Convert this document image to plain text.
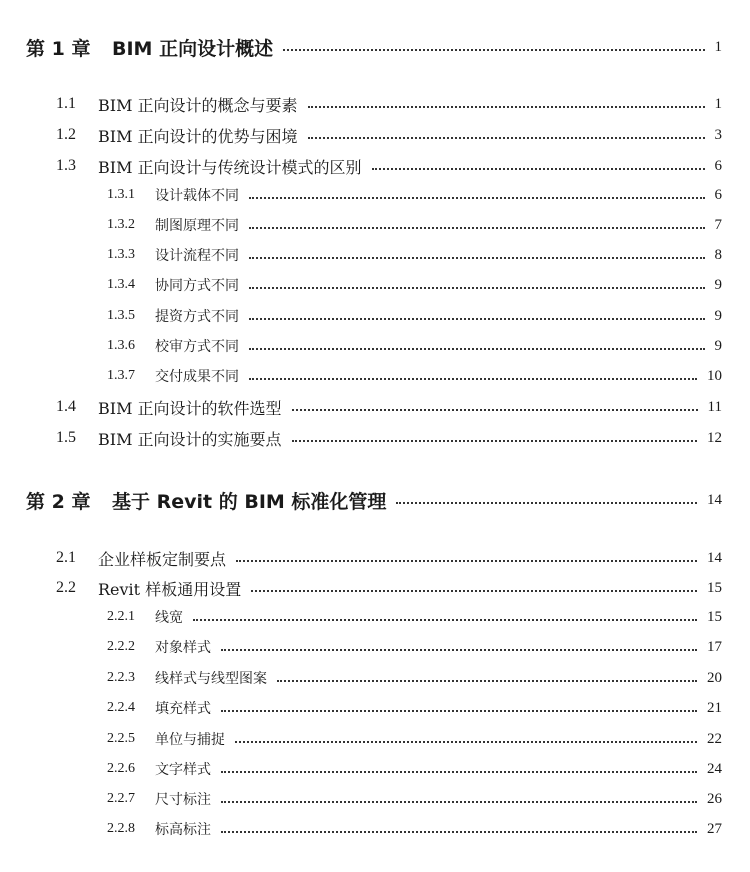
第 1 章	BIM 正向设计概述	1
1.1	BIM 正向设计的概念与要素	1
1.2	BIM 正向设计的优势与困境	3
1.3	BIM 正向设计与传统设计模式的区别	6
1.3.1	设计载体不同	6
1.3.2	制图原理不同	7
1.3.3	设计流程不同	8
1.3.4	协同方式不同	9
1.3.5	提资方式不同	9
1.3.6	校审方式不同	9
1.3.7	交付成果不同	10
1.4	BIM 正向设计的软件选型	11
1.5	BIM 正向设计的实施要点	12
第 2 章	基于 Revit 的 BIM 标准化管理	14
2.1	企业样板定制要点	14
2.2	Revit 样板通用设置	15
2.2.1	线宽	15
2.2.2	对象样式	17
2.2.3	线样式与线型图案	20
2.2.4	填充样式	21
2.2.5	单位与捕捉	22
2.2.6	文字样式	24
2.2.7	尺寸标注	26
2.2.8	标高标注	27
